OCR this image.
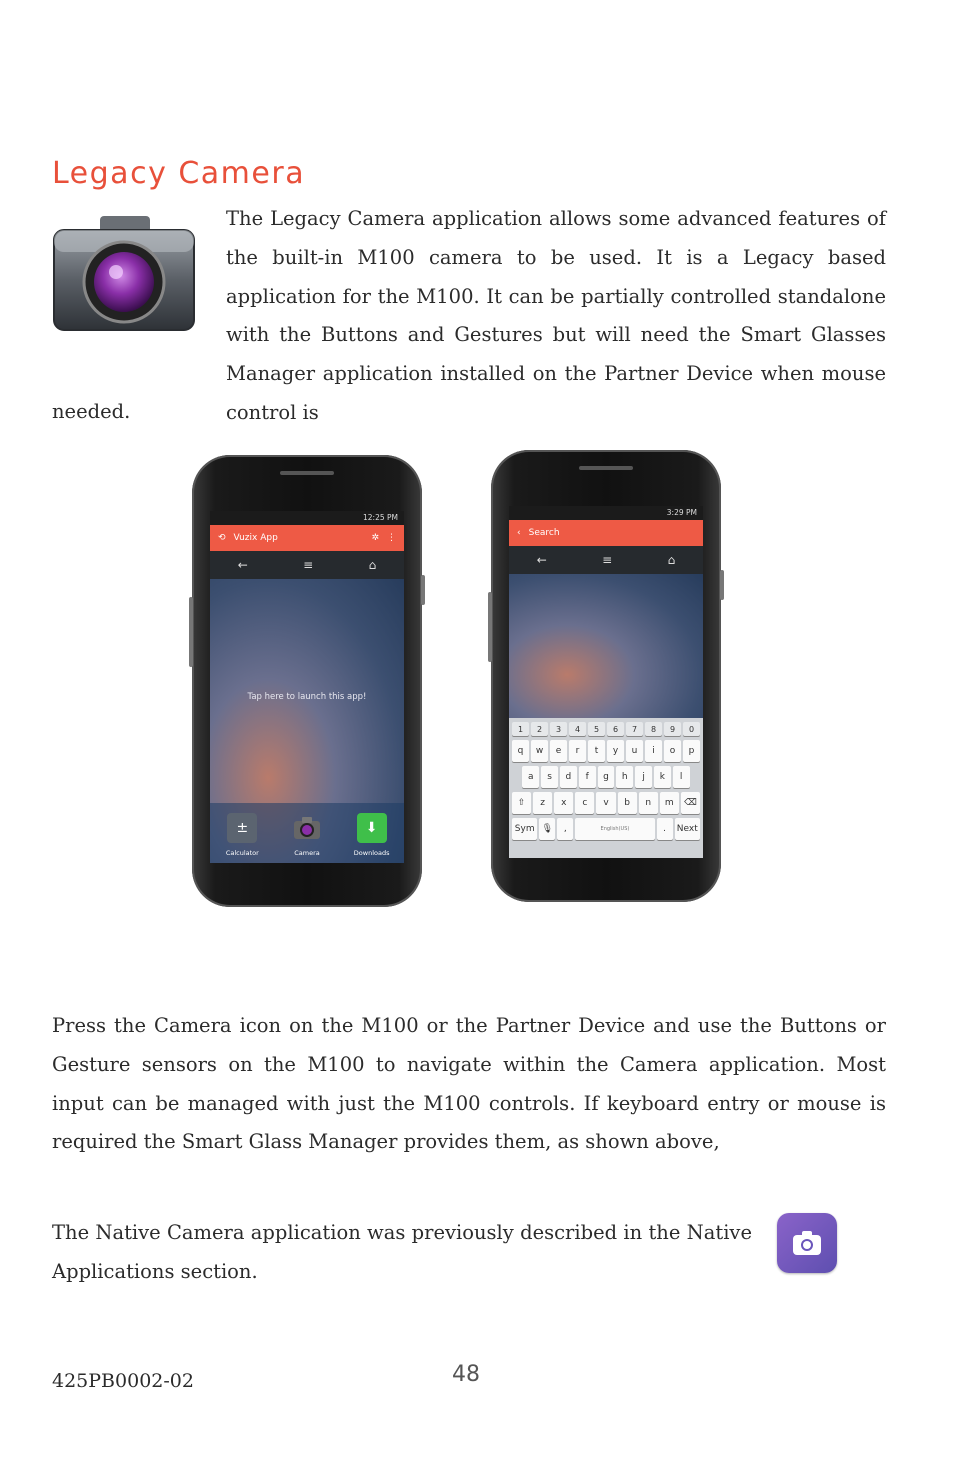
Legacy Camera

The Legacy Camera application allows some advanced features of the built-in M100 camera to be used. It is a Legacy based application for the M100. It can be partially controlled standalone with the Buttons and Gestures but will need the Smart Glasses Manager application installed on the Partner Device when mouse control is

needed.

12:25 PM
⟲ Vuzix App	✲ ⋮
←	≡	⌂
Tap here to launch this app!
±
Calculator	Camera
⬇
Downloads
3:29 PM
‹ Search
←	≡	⌂
1	2	3	4	5	6	7	8	9	0
q	w	e	r	t	y	u	i	o	p
a	s	d	f	g	h	j	k	l
⇧	z	x	c	v	b	n	m	⌫
Sym 🎙	,	English(US)	.	Next

Press the Camera icon on the M100 or the Partner Device and use the Buttons or Gesture sensors on the M100 to navigate within the Camera application. Most input can be managed with just the M100 controls. If keyboard entry or mouse is required the Smart Glass Manager provides them, as shown above,

The Native Camera application was previously described in the Native Applications section.

425PB0002-02	48
